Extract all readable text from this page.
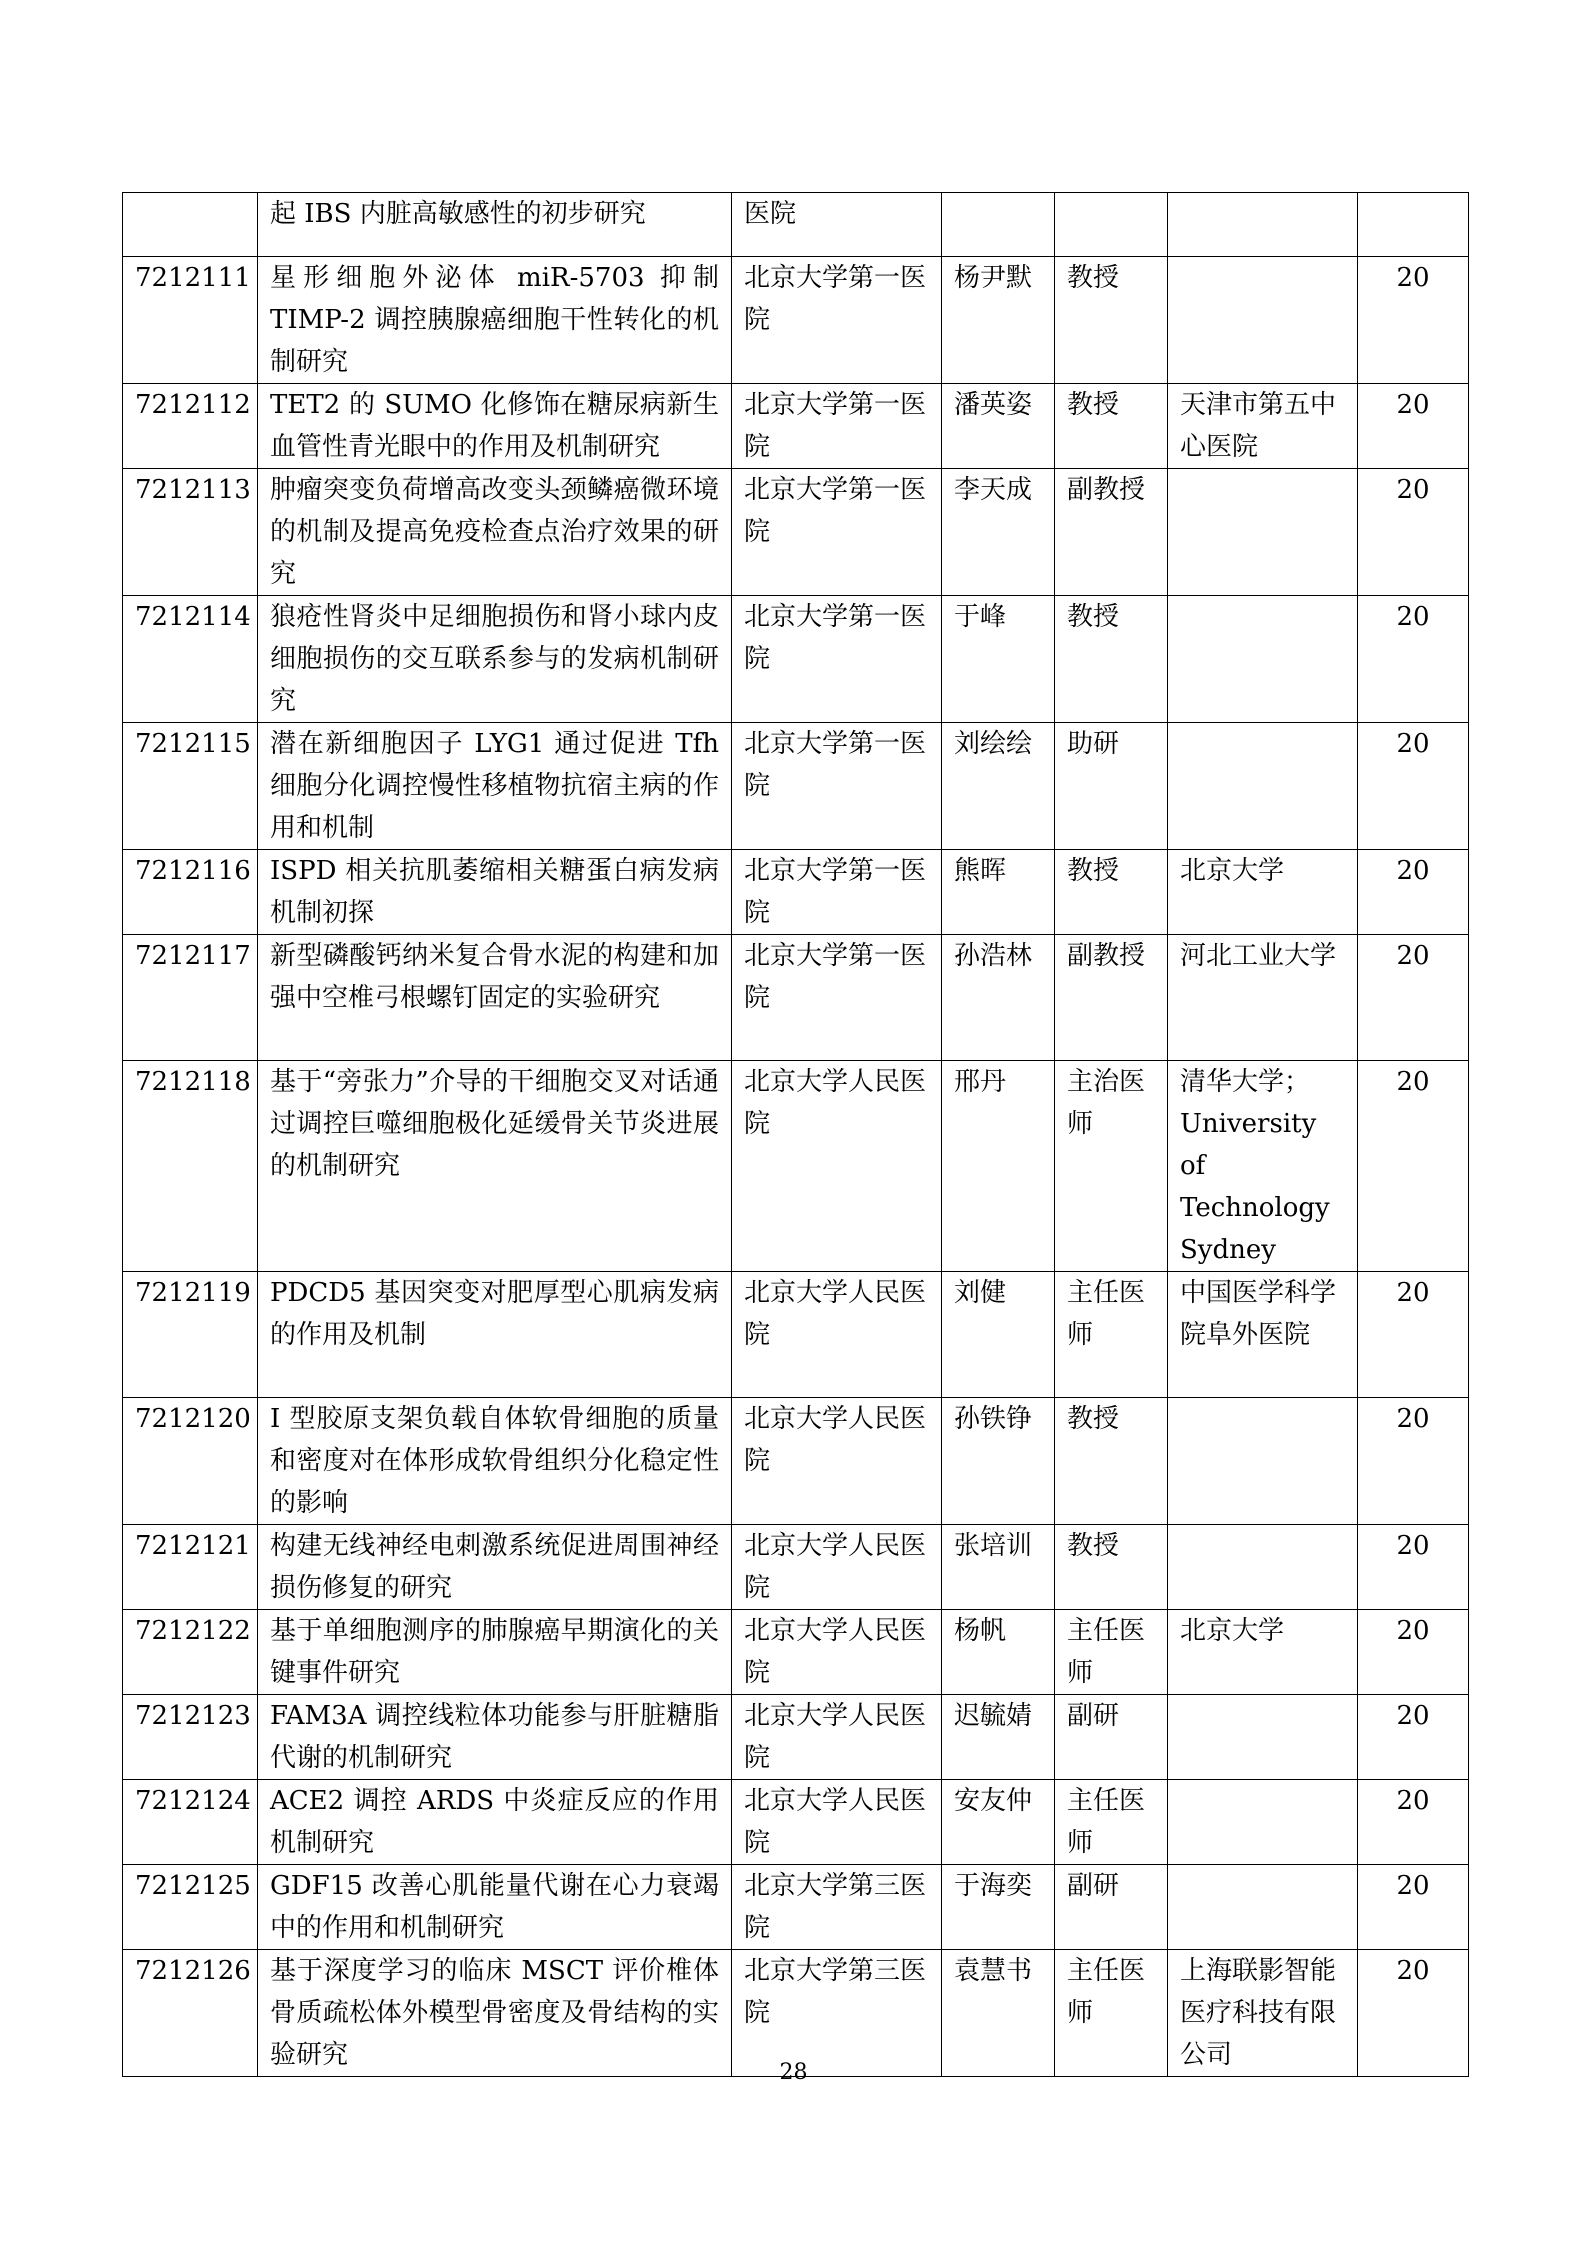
	起 IBS 内脏高敏感性的初步研究	医院				
7212111	星形细胞外泌体 miR-5703 抑制 TIMP-2 调控胰腺癌细胞干性转化的机制研究	北京大学第一医院	杨尹默	教授		20
7212112	TET2 的 SUMO 化修饰在糖尿病新生血管性青光眼中的作用及机制研究	北京大学第一医院	潘英姿	教授	天津市第五中心医院	20
7212113	肿瘤突变负荷增高改变头颈鳞癌微环境的机制及提高免疫检查点治疗效果的研究	北京大学第一医院	李天成	副教授		20
7212114	狼疮性肾炎中足细胞损伤和肾小球内皮细胞损伤的交互联系参与的发病机制研究	北京大学第一医院	于峰	教授		20
7212115	潜在新细胞因子 LYG1 通过促进 Tfh 细胞分化调控慢性移植物抗宿主病的作用和机制	北京大学第一医院	刘绘绘	助研		20
7212116	ISPD 相关抗肌萎缩相关糖蛋白病发病机制初探	北京大学第一医院	熊晖	教授	北京大学	20
7212117	新型磷酸钙纳米复合骨水泥的构建和加强中空椎弓根螺钉固定的实验研究	北京大学第一医院	孙浩林	副教授	河北工业大学	20
7212118	基于“旁张力”介导的干细胞交叉对话通过调控巨噬细胞极化延缓骨关节炎进展的机制研究	北京大学人民医院	邢丹	主治医师	清华大学；University of Technology Sydney	20
7212119	PDCD5 基因突变对肥厚型心肌病发病的作用及机制	北京大学人民医院	刘健	主任医师	中国医学科学院阜外医院	20
7212120	I 型胶原支架负载自体软骨细胞的质量和密度对在体形成软骨组织分化稳定性的影响	北京大学人民医院	孙铁铮	教授		20
7212121	构建无线神经电刺激系统促进周围神经损伤修复的研究	北京大学人民医院	张培训	教授		20
7212122	基于单细胞测序的肺腺癌早期演化的关键事件研究	北京大学人民医院	杨帆	主任医师	北京大学	20
7212123	FAM3A 调控线粒体功能参与肝脏糖脂代谢的机制研究	北京大学人民医院	迟毓婧	副研		20
7212124	ACE2 调控 ARDS 中炎症反应的作用机制研究	北京大学人民医院	安友仲	主任医师		20
7212125	GDF15 改善心肌能量代谢在心力衰竭中的作用和机制研究	北京大学第三医院	于海奕	副研		20
7212126	基于深度学习的临床 MSCT 评价椎体骨质疏松体外模型骨密度及骨结构的实验研究	北京大学第三医院	袁慧书	主任医师	上海联影智能医疗科技有限公司	20
28
